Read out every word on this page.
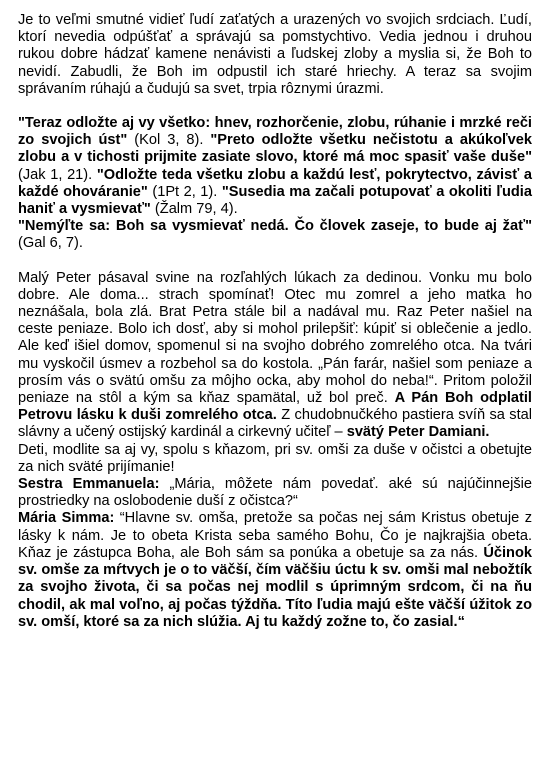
Je to veľmi smutné vidieť ľudí zaťatých a urazených vo svojich srdciach. Ľudí, ktorí nevedia odpúšťať a správajú sa pomstychtivo. Vedia jednou i druhou rukou dobre hádzať kamene nenávisti a ľudskej zloby a myslia si, že Boh to nevidí. Zabudli, že Boh im odpustil ich staré hriechy. A teraz sa svojim správaním rúhajú a čudujú sa svet, trpia rôznymi úrazmi.

"Teraz odložte aj vy všetko: hnev, rozhorčenie, zlobu, rúhanie i mrzké reči zo svojich úst" (Kol 3, 8). "Preto odložte všetku nečistotu a akúkoľvek zlobu a v tichosti prijmite zasiate slovo, ktoré má moc spasiť vaše duše" (Jak 1, 21). "Odložte teda všetku zlobu a každú lesť, pokrytectvo, závisť a každé ohováranie" (1Pt 2, 1). "Susedia ma začali potupovať a okoliti ľudia haniť a vysmievať" (Žalm 79, 4).
"Nemýľte sa: Boh sa vysmievať nedá. Čo človek zaseje, to bude aj žať" (Gal 6, 7).

Malý Peter pásaval svine na rozľahlých lúkach za dedinou. Vonku mu bolo dobre. Ale doma... strach spomínať! Otec mu zomrel a jeho matka ho neznášala, bola zlá. Brat Petra stále bil a nadával mu. Raz Peter našiel na ceste peniaze. Bolo ich dosť, aby si mohol prilepšiť: kúpiť si oblečenie a jedlo. Ale keď išiel domov, spomenul si na svojho dobrého zomrelého otca. Na tvári mu vyskočil úsmev a rozbehol sa do kostola. „Pán farár, našiel som peniaze a prosím vás o svätú omšu za môjho ocka, aby mohol do neba!“. Pritom položil peniaze na stôl a kým sa kňaz spamätal, už bol preč. A Pán Boh odplatil Petrovu lásku k duši zomrelého otca. Z chudobnučkého pastiera svíň sa stal slávny a učený ostijský kardinál a cirkevný učiteľ – svätý Peter Damiani.

Deti, modlite sa aj vy, spolu s kňazom, pri sv. omši za duše v očistci a obetujte za nich sväté prijímanie!

Sestra Emmanuela: „Mária, môžete nám povedať. aké sú najúčinnejšie prostriedky na oslobodenie duší z očistca?“

Mária Simma: “Hlavne sv. omša, pretože sa počas nej sám Kristus obetuje z lásky k nám. Je to obeta Krista seba samého Bohu, Čo je najkrajšia obeta. Kňaz je zástupca Boha, ale Boh sám sa ponúka a obetuje sa za nás. Účinok sv. omše za mŕtvych je o to väčší, čím väčšiu úctu k sv. omši mal nebožtík za svojho života, či sa počas nej modlil s úprimným srdcom, či na ňu chodil, ak mal voľno, aj počas týždňa. Títo ľudia majú ešte väčší úžitok zo sv. omší, ktoré sa za nich slúžia. Aj tu každý zožne to, čo zasial.“
